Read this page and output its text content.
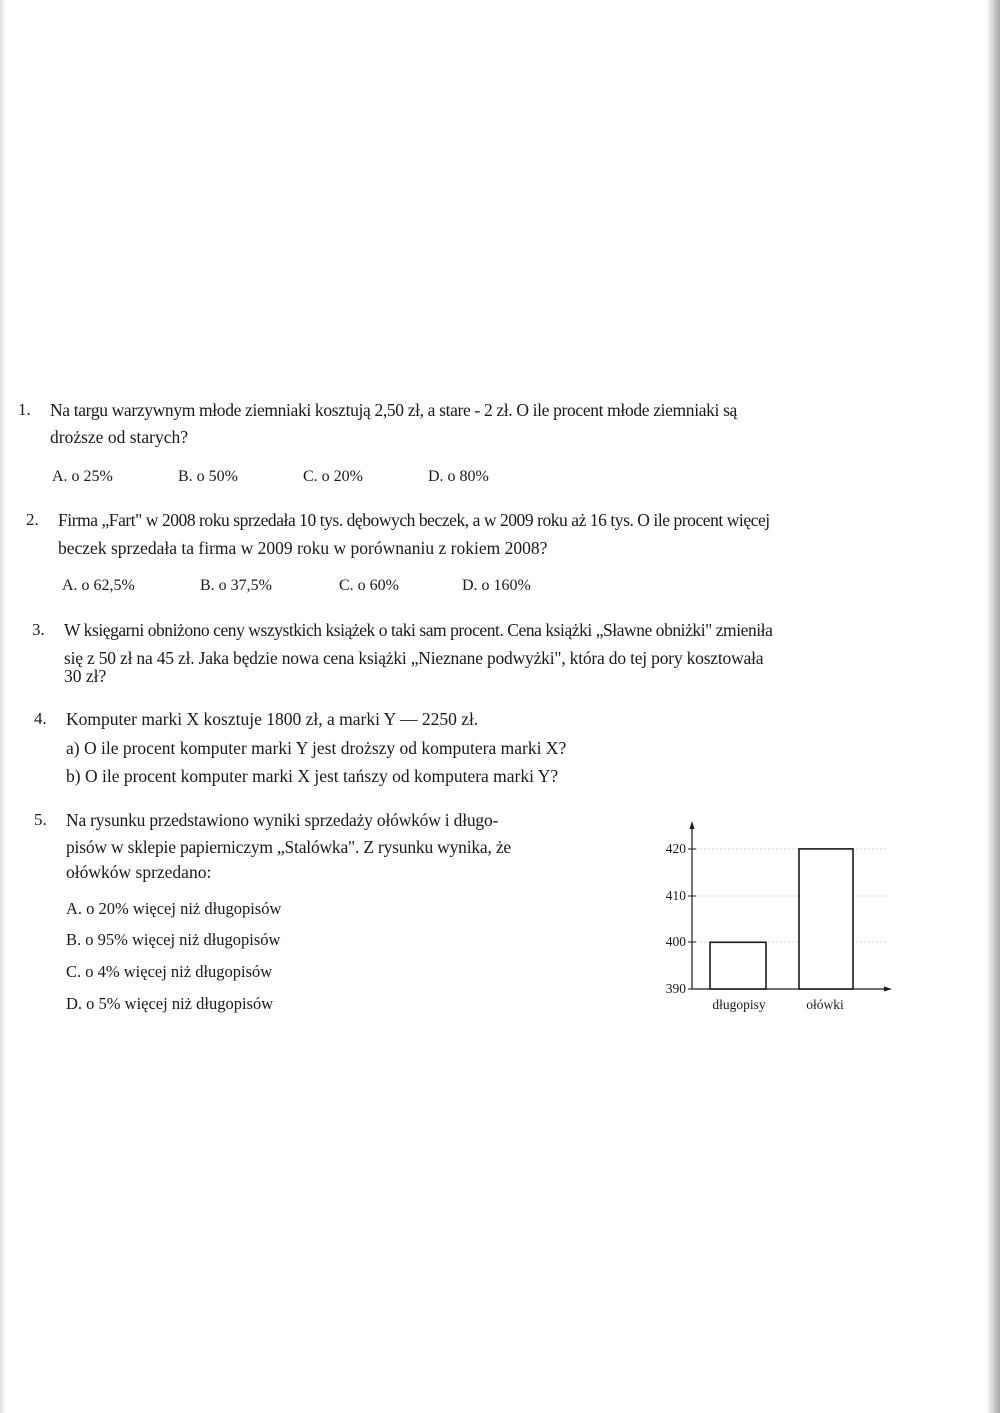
1. Na targu warzywnym młode ziemniaki kosztują 2,50 zł, a stare - 2 zł. O ile procent młode ziemniaki są
droższe od starych?
A. o 25%	B. o 50%	C. o 20%	D. o 80%
2. Firma „Fart" w 2008 roku sprzedała 10 tys. dębowych beczek, a w 2009 roku aż 16 tys. O ile procent więcej
beczek sprzedała ta firma w 2009 roku w porównaniu z rokiem 2008?
A. o 62,5%	B. o 37,5%	C. o 60%	D. o 160%
3. W księgarni obniżono ceny wszystkich książek o taki sam procent. Cena książki „Sławne obniżki" zmieniła
się z 50 zł na 45 zł. Jaka będzie nowa cena książki „Nieznane podwyżki", która do tej pory kosztowała
30 zł?
4. Komputer marki X kosztuje 1800 zł, a marki Y — 2250 zł.
a) O ile procent komputer marki Y jest droższy od komputera marki X?
b) O ile procent komputer marki X jest tańszy od komputera marki Y?
5. Na rysunku przedstawiono wyniki sprzedaży ołówków i długo-
pisów w sklepie papierniczym „Stalówka". Z rysunku wynika, że
ołówków sprzedano:
A. o 20% więcej niż długopisów
B. o 95% więcej niż długopisów
C. o 4% więcej niż długopisów
D. o 5% więcej niż długopisów
390
400
410
420
długopisy	ołówki
